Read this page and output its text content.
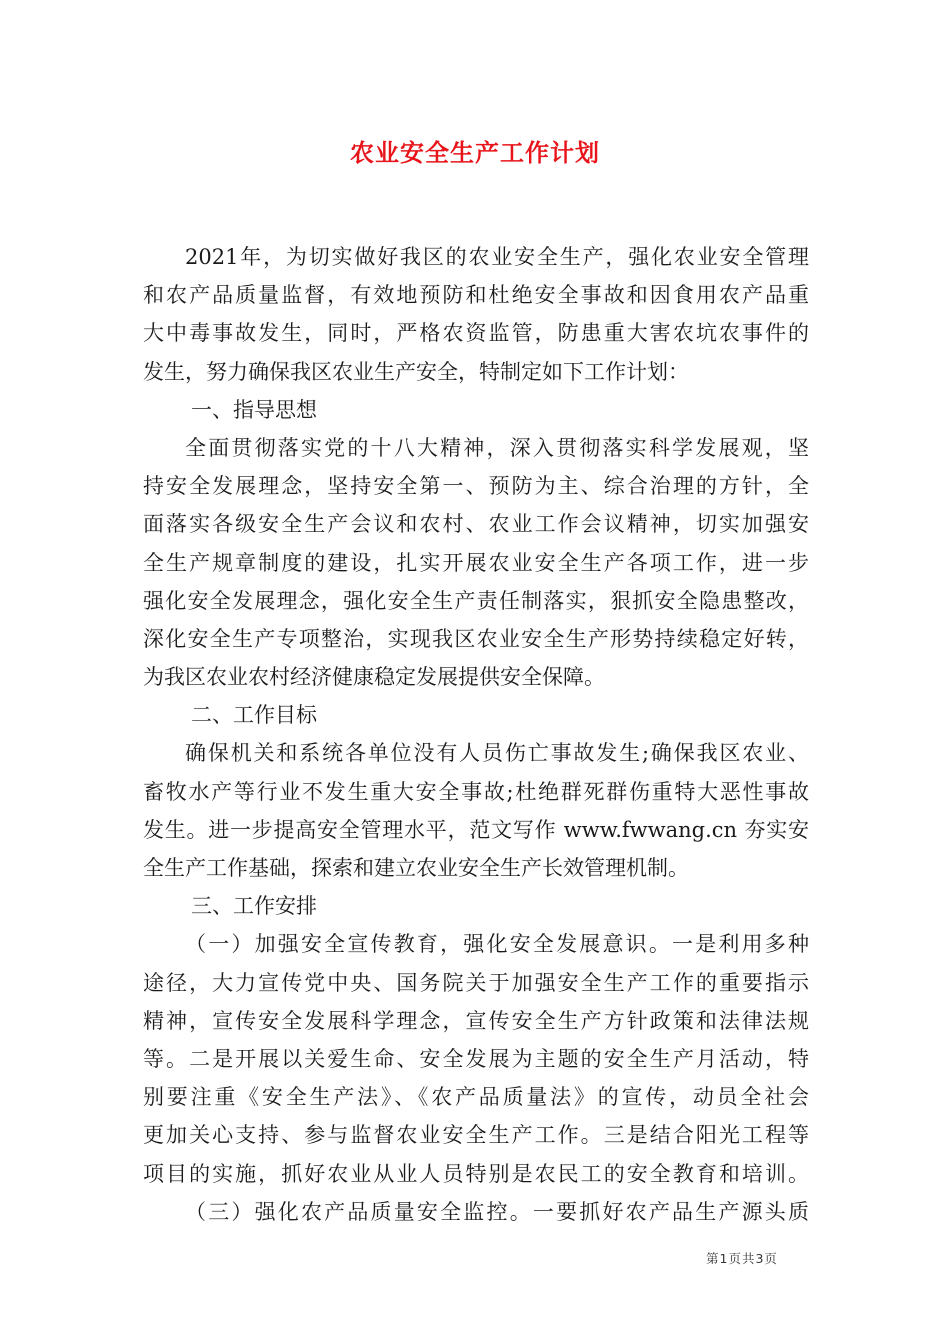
农业安全生产工作计划
2021年，为切实做好我区的农业安全生产，强化农业安全管理
和农产品质量监督，有效地预防和杜绝安全事故和因食用农产品重
大中毒事故发生，同时，严格农资监管，防患重大害农坑农事件的
发生，努力确保我区农业生产安全，特制定如下工作计划：
一、指导思想
全面贯彻落实党的十八大精神，深入贯彻落实科学发展观，坚
持安全发展理念，坚持安全第一、预防为主、综合治理的方针，全
面落实各级安全生产会议和农村、农业工作会议精神，切实加强安
全生产规章制度的建设，扎实开展农业安全生产各项工作，进一步
强化安全发展理念，强化安全生产责任制落实，狠抓安全隐患整改，
深化安全生产专项整治，实现我区农业安全生产形势持续稳定好转，
为我区农业农村经济健康稳定发展提供安全保障。
二、工作目标
确保机关和系统各单位没有人员伤亡事故发生;确保我区农业、
畜牧水产等行业不发生重大安全事故;杜绝群死群伤重特大恶性事故
发生。进一步提高安全管理水平，范文写作 www.fwwang.cn 夯实安
全生产工作基础，探索和建立农业安全生产长效管理机制。
三、工作安排
（一）加强安全宣传教育，强化安全发展意识。一是利用多种
途径，大力宣传党中央、国务院关于加强安全生产工作的重要指示
精神，宣传安全发展科学理念，宣传安全生产方针政策和法律法规
等。二是开展以关爱生命、安全发展为主题的安全生产月活动，特
别要注重《安全生产法》、《农产品质量法》的宣传，动员全社会
更加关心支持、参与监督农业安全生产工作。三是结合阳光工程等
项目的实施，抓好农业从业人员特别是农民工的安全教育和培训。
（三）强化农产品质量安全监控。一要抓好农产品生产源头质
第1页共3页
